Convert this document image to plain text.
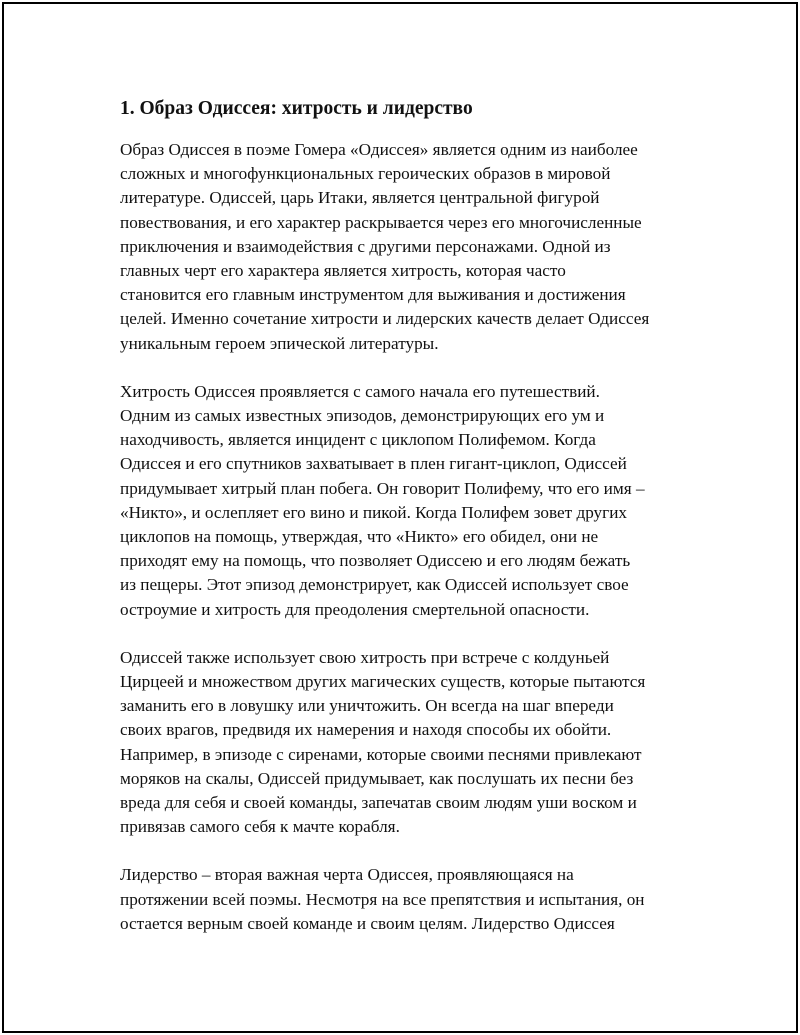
1. Образ Одиссея: хитрость и лидерство
Образ Одиссея в поэме Гомера «Одиссея» является одним из наиболее
сложных и многофункциональных героических образов в мировой
литературе. Одиссей, царь Итаки, является центральной фигурой
повествования, и его характер раскрывается через его многочисленные
приключения и взаимодействия с другими персонажами. Одной из
главных черт его характера является хитрость, которая часто
становится его главным инструментом для выживания и достижения
целей. Именно сочетание хитрости и лидерских качеств делает Одиссея
уникальным героем эпической литературы.
Хитрость Одиссея проявляется с самого начала его путешествий.
Одним из самых известных эпизодов, демонстрирующих его ум и
находчивость, является инцидент с циклопом Полифемом. Когда
Одиссея и его спутников захватывает в плен гигант-циклоп, Одиссей
придумывает хитрый план побега. Он говорит Полифему, что его имя –
«Никто», и ослепляет его вино и пикой. Когда Полифем зовет других
циклопов на помощь, утверждая, что «Никто» его обидел, они не
приходят ему на помощь, что позволяет Одиссею и его людям бежать
из пещеры. Этот эпизод демонстрирует, как Одиссей использует свое
остроумие и хитрость для преодоления смертельной опасности.
Одиссей также использует свою хитрость при встрече с колдуньей
Цирцеей и множеством других магических существ, которые пытаются
заманить его в ловушку или уничтожить. Он всегда на шаг впереди
своих врагов, предвидя их намерения и находя способы их обойти.
Например, в эпизоде с сиренами, которые своими песнями привлекают
моряков на скалы, Одиссей придумывает, как послушать их песни без
вреда для себя и своей команды, запечатав своим людям уши воском и
привязав самого себя к мачте корабля.
Лидерство – вторая важная черта Одиссея, проявляющаяся на
протяжении всей поэмы. Несмотря на все препятствия и испытания, он
остается верным своей команде и своим целям. Лидерство Одиссея
